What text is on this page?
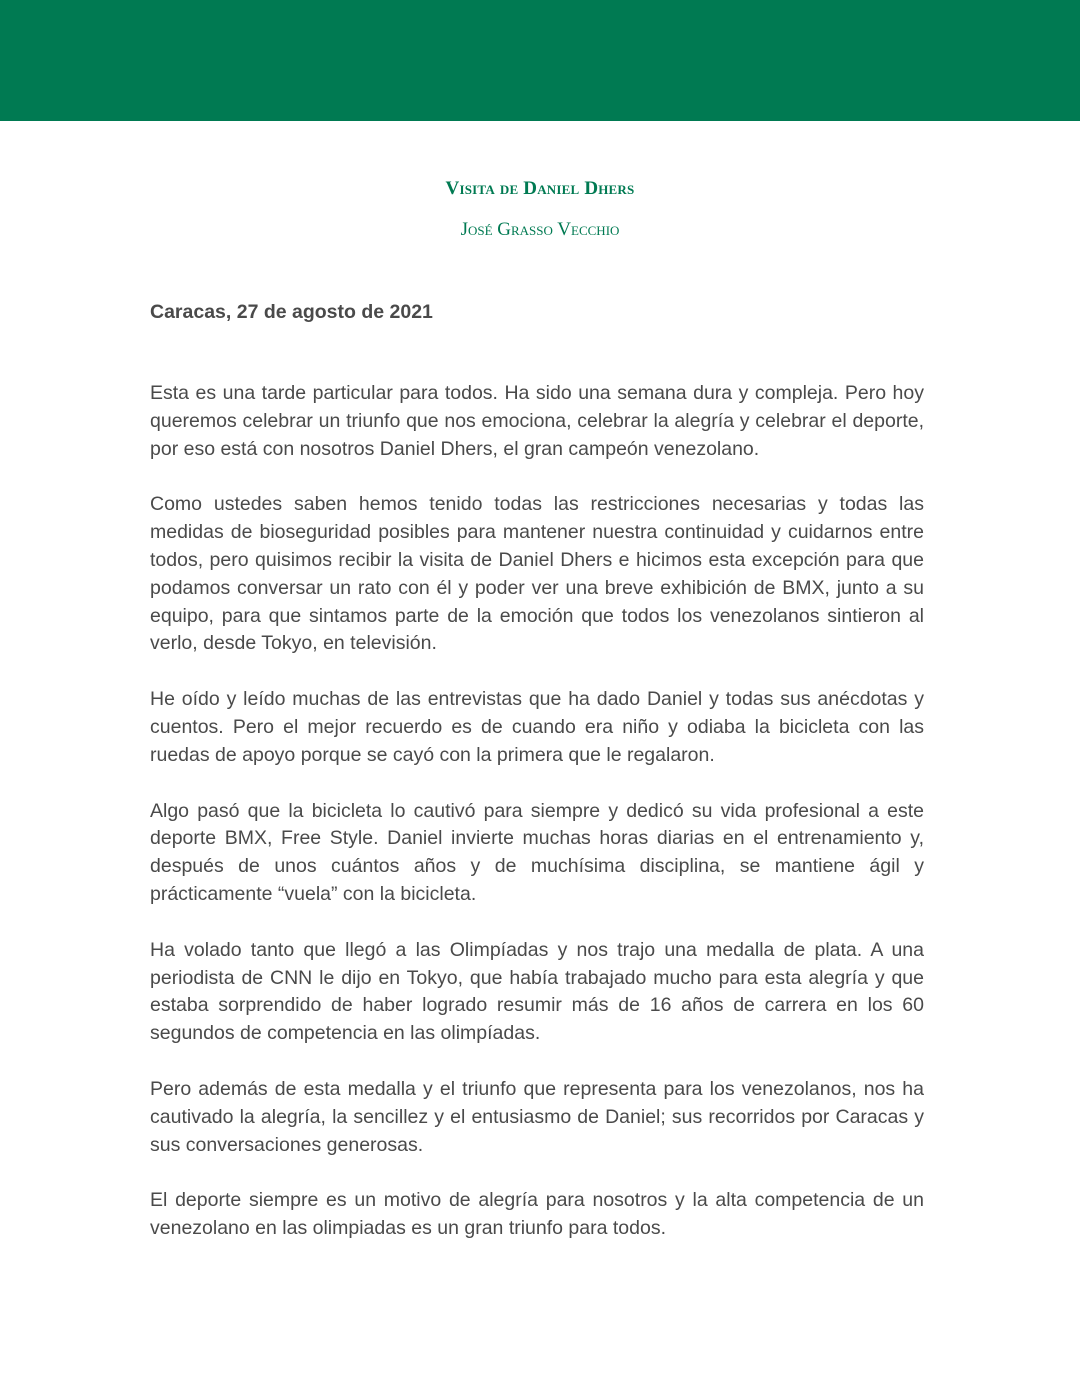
Visita de Daniel Dhers

José Grasso Vecchio

Caracas, 27 de agosto de 2021

Esta es una tarde particular para todos. Ha sido una semana dura y compleja. Pero hoy queremos celebrar un triunfo que nos emociona, celebrar la alegría y celebrar el deporte, por eso está con nosotros Daniel Dhers, el gran campeón venezolano.

Como ustedes saben hemos tenido todas las restricciones necesarias y todas las medidas de bioseguridad posibles para mantener nuestra continuidad y cuidarnos entre todos, pero quisimos recibir la visita de Daniel Dhers e hicimos esta excepción para que podamos conversar un rato con él y poder ver una breve exhibición de BMX, junto a su equipo, para que sintamos parte de la emoción que todos los venezolanos sintieron al verlo, desde Tokyo, en televisión.

He oído y leído muchas de las entrevistas que ha dado Daniel y todas sus anécdotas y cuentos. Pero el mejor recuerdo es de cuando era niño y odiaba la bicicleta con las ruedas de apoyo porque se cayó con la primera que le regalaron.

Algo pasó que la bicicleta lo cautivó para siempre y dedicó su vida profesional a este deporte BMX, Free Style. Daniel invierte muchas horas diarias en el entrenamiento y, después de unos cuántos años y de muchísima disciplina, se mantiene ágil y prácticamente “vuela” con la bicicleta.

Ha volado tanto que llegó a las Olimpíadas y nos trajo una medalla de plata. A una periodista de CNN le dijo en Tokyo, que había trabajado mucho para esta alegría y que estaba sorprendido de haber logrado resumir más de 16 años de carrera en los 60 segundos de competencia en las olimpíadas.

Pero además de esta medalla y el triunfo que representa para los venezolanos, nos ha cautivado la alegría, la sencillez y el entusiasmo de Daniel; sus recorridos por Caracas y sus conversaciones generosas.

El deporte siempre es un motivo de alegría para nosotros y la alta competencia de un venezolano en las olimpiadas es un gran triunfo para todos.
